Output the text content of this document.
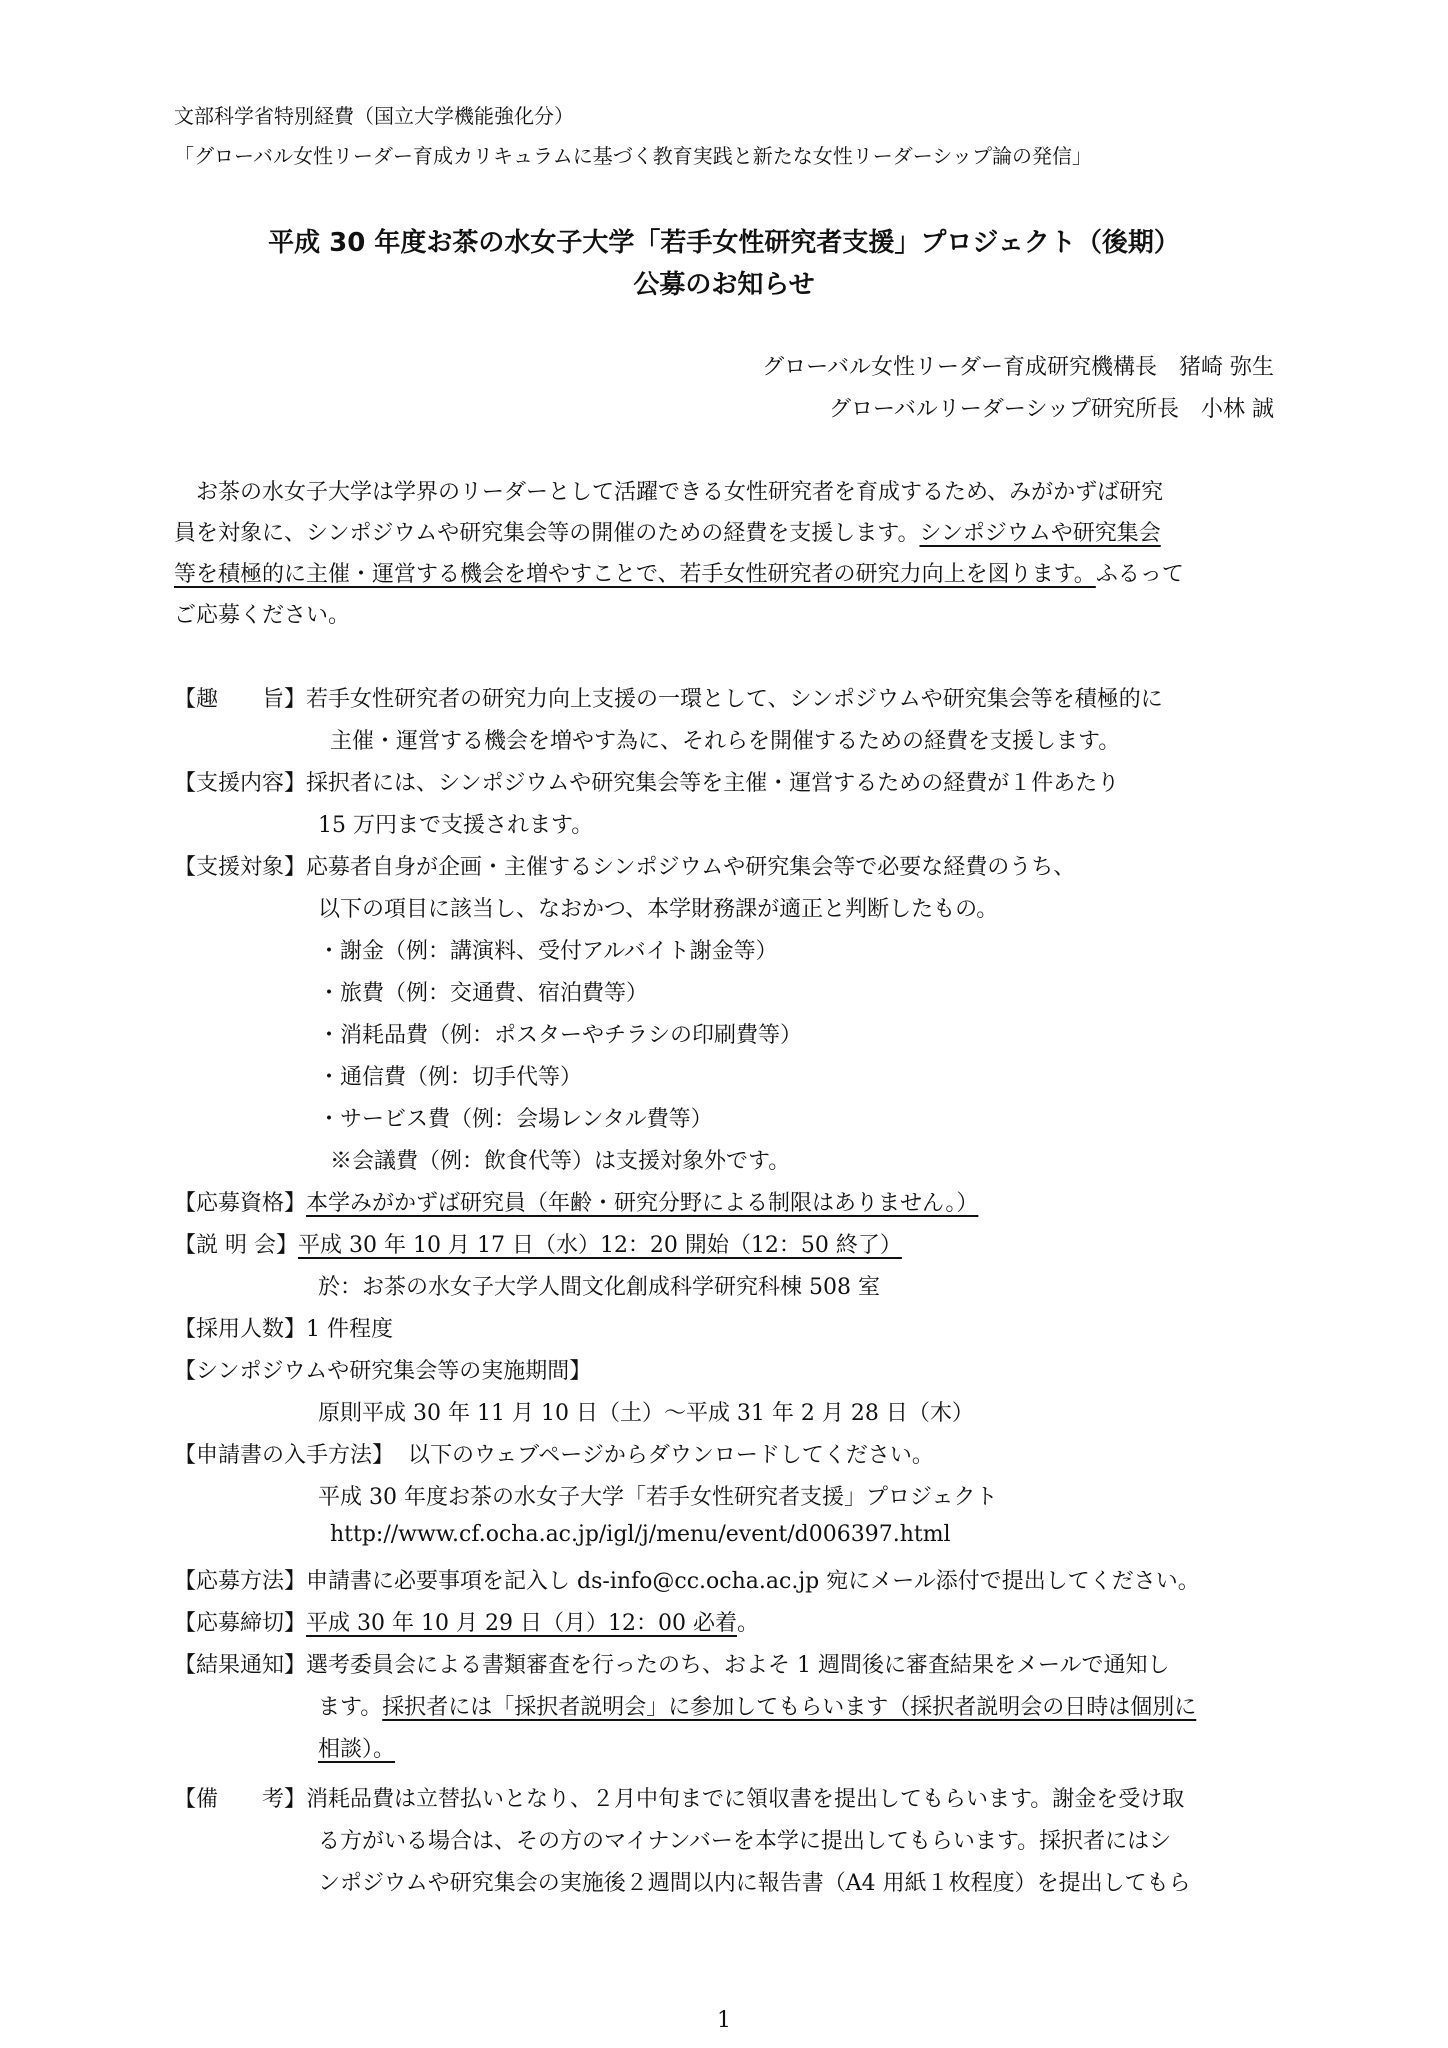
文部科学省特別経費（国立大学機能強化分）
「グローバル女性リーダー育成カリキュラムに基づく教育実践と新たな女性リーダーシップ論の発信」
平成 30 年度お茶の水女子大学「若手女性研究者支援」プロジェクト（後期）
公募のお知らせ
グローバル女性リーダー育成研究機構長　猪崎 弥生
グローバルリーダーシップ研究所長　小林 誠
　お茶の水女子大学は学界のリーダーとして活躍できる女性研究者を育成するため、みがかずば研究
員を対象に、シンポジウムや研究集会等の開催のための経費を支援します。シンポジウムや研究集会
等を積極的に主催・運営する機会を増やすことで、若手女性研究者の研究力向上を図ります。ふるって
ご応募ください。
【趣　　旨】若手女性研究者の研究力向上支援の一環として、シンポジウムや研究集会等を積極的に
主催・運営する機会を増やす為に、それらを開催するための経費を支援します。
【支援内容】採択者には、シンポジウムや研究集会等を主催・運営するための経費が１件あたり
15 万円まで支援されます。
【支援対象】応募者自身が企画・主催するシンポジウムや研究集会等で必要な経費のうち、
以下の項目に該当し、なおかつ、本学財務課が適正と判断したもの。
・謝金（例：講演料、受付アルバイト謝金等）
・旅費（例：交通費、宿泊費等）
・消耗品費（例：ポスターやチラシの印刷費等）
・通信費（例：切手代等）
・サービス費（例：会場レンタル費等）
※会議費（例：飲食代等）は支援対象外です。
【応募資格】本学みがかずば研究員（年齢・研究分野による制限はありません。）
【説 明 会】平成 30 年 10 月 17 日（水）12：20 開始（12：50 終了）
於：お茶の水女子大学人間文化創成科学研究科棟 508 室
【採用人数】1 件程度
【シンポジウムや研究集会等の実施期間】
原則平成 30 年 11 月 10 日（土）～平成 31 年 2 月 28 日（木）
【申請書の入手方法】 以下のウェブページからダウンロードしてください。
平成 30 年度お茶の水女子大学「若手女性研究者支援」プロジェクト
http://www.cf.ocha.ac.jp/igl/j/menu/event/d006397.html
【応募方法】申請書に必要事項を記入し ds-info@cc.ocha.ac.jp 宛にメール添付で提出してください。
【応募締切】平成 30 年 10 月 29 日（月）12：00 必着。
【結果通知】選考委員会による書類審査を行ったのち、およそ 1 週間後に審査結果をメールで通知し
ます。採択者には「採択者説明会」に参加してもらいます（採択者説明会の日時は個別に
相談）。
【備　　考】消耗品費は立替払いとなり、２月中旬までに領収書を提出してもらいます。謝金を受け取
る方がいる場合は、その方のマイナンバーを本学に提出してもらいます。採択者にはシ
ンポジウムや研究集会の実施後２週間以内に報告書（A4 用紙１枚程度）を提出してもら
1
